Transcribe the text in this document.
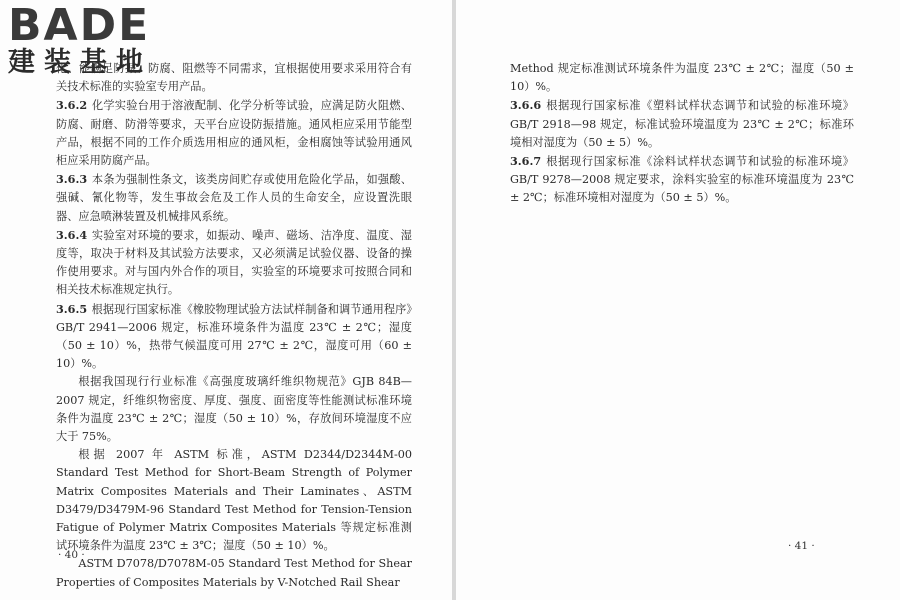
BADE
建装基地

化、能满足防振、防腐、阻燃等不同需求，宜根据使用要求采用符合有关技术标准的实验室专用产品。

3.6.2 化学实验台用于溶液配制、化学分析等试验，应满足防火阻燃、防腐、耐磨、防滑等要求，天平台应设防振措施。通风柜应采用节能型产品，根据不同的工作介质选用相应的通风柜，金相腐蚀等试验用通风柜应采用防腐产品。

3.6.3 本条为强制性条文，该类房间贮存或使用危险化学品，如强酸、强碱、氰化物等，发生事故会危及工作人员的生命安全，应设置洗眼器、应急喷淋装置及机械排风系统。

3.6.4 实验室对环境的要求，如振动、噪声、磁场、洁净度、温度、湿度等，取决于材料及其试验方法要求，又必须满足试验仪器、设备的操作使用要求。对与国内外合作的项目，实验室的环境要求可按照合同和相关技术标准规定执行。

3.6.5 根据现行国家标准《橡胶物理试验方法试样制备和调节通用程序》GB/T 2941—2006 规定，标准环境条件为温度 23℃ ± 2℃；湿度（50 ± 10）%，热带气候温度可用 27℃ ± 2℃，湿度可用（60 ± 10）%。

根据我国现行行业标准《高强度玻璃纤维织物规范》GJB 84B—2007 规定，纤维织物密度、厚度、强度、面密度等性能测试标准环境条件为温度 23℃ ± 2℃；湿度（50 ± 10）%，存放间环境湿度不应大于 75%。

根据 2007 年 ASTM 标准，ASTM D2344/D2344M-00 Standard Test Method for Short-Beam Strength of Polymer Matrix Composites Materials and Their Laminates、ASTM D3479/D3479M-96 Standard Test Method for Tension-Tension Fatigue of Polymer Matrix Composites Materials 等规定标准测试环境条件为温度 23℃ ± 3℃；湿度（50 ± 10）%。

ASTM D7078/D7078M-05 Standard Test Method for Shear Properties of Composites Materials by V-Notched Rail Shear

Method 规定标准测试环境条件为温度 23℃ ± 2℃；湿度（50 ± 10）%。

3.6.6 根据现行国家标准《塑料试样状态调节和试验的标准环境》GB/T 2918—98 规定，标准试验环境温度为 23℃ ± 2℃；标准环境相对湿度为（50 ± 5）%。

3.6.7 根据现行国家标准《涂料试样状态调节和试验的标准环境》GB/T 9278—2008 规定要求，涂料实验室的标准环境温度为 23℃ ± 2℃；标准环境相对湿度为（50 ± 5）%。

· 40 ·
· 41 ·
